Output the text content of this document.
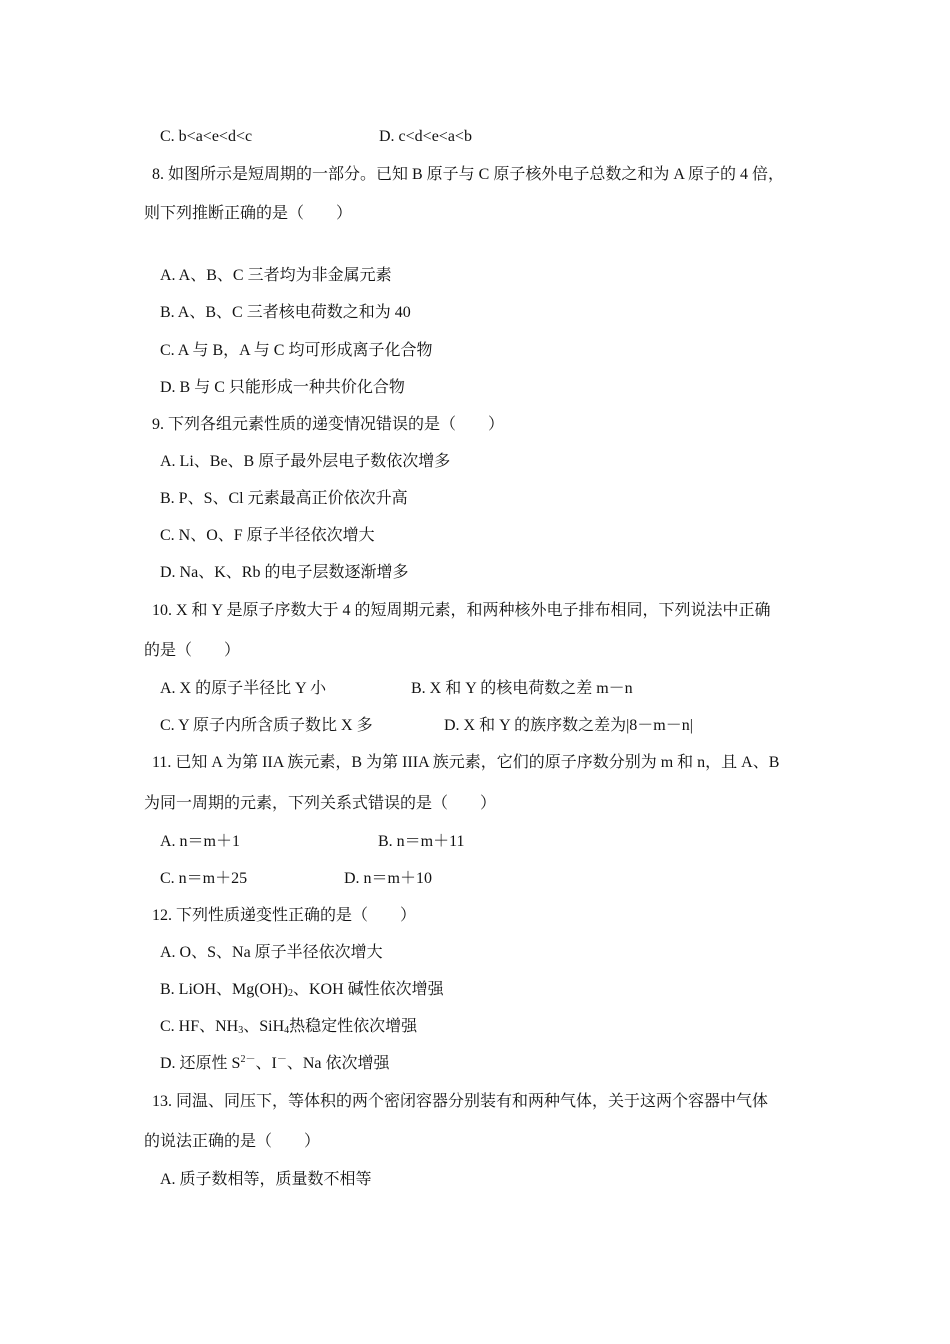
C. b<a<e<d<c	D. c<d<e<a<b
8. 如图所示是短周期的一部分。已知 B 原子与 C 原子核外电子总数之和为 A 原子的 4 倍，
则下列推断正确的是（　　）
A. A、B、C 三者均为非金属元素
B. A、B、C 三者核电荷数之和为 40
C. A 与 B，A 与 C 均可形成离子化合物
D. B 与 C 只能形成一种共价化合物
9. 下列各组元素性质的递变情况错误的是（　　）
A. Li、Be、B 原子最外层电子数依次增多
B. P、S、Cl 元素最高正价依次升高
C. N、O、F 原子半径依次增大
D. Na、K、Rb 的电子层数逐渐增多
10. X 和 Y 是原子序数大于 4 的短周期元素，和两种核外电子排布相同，下列说法中正确
的是（　　）
A. X 的原子半径比 Y 小	B. X 和 Y 的核电荷数之差 m－n
C. Y 原子内所含质子数比 X 多	D. X 和 Y 的族序数之差为|8－m－n|
11. 已知 A 为第 IIA 族元素，B 为第 IIIA 族元素，它们的原子序数分别为 m 和 n，且 A、B
为同一周期的元素，下列关系式错误的是（　　）
A. n＝m＋1	B. n＝m＋11
C. n＝m＋25	D. n＝m＋10
12. 下列性质递变性正确的是（　　）
A. O、S、Na 原子半径依次增大
B. LiOH、$Mg(OH)_2$、KOH 碱性依次增强
C. HF、$NH_3$、SiH$_4$热稳定性依次增强
D. 还原性 $S^{2-}$、I－、Na 依次增强
13. 同温、同压下，等体积的两个密闭容器分别装有和两种气体，关于这两个容器中气体
的说法正确的是（　　）
A. 质子数相等，质量数不相等
